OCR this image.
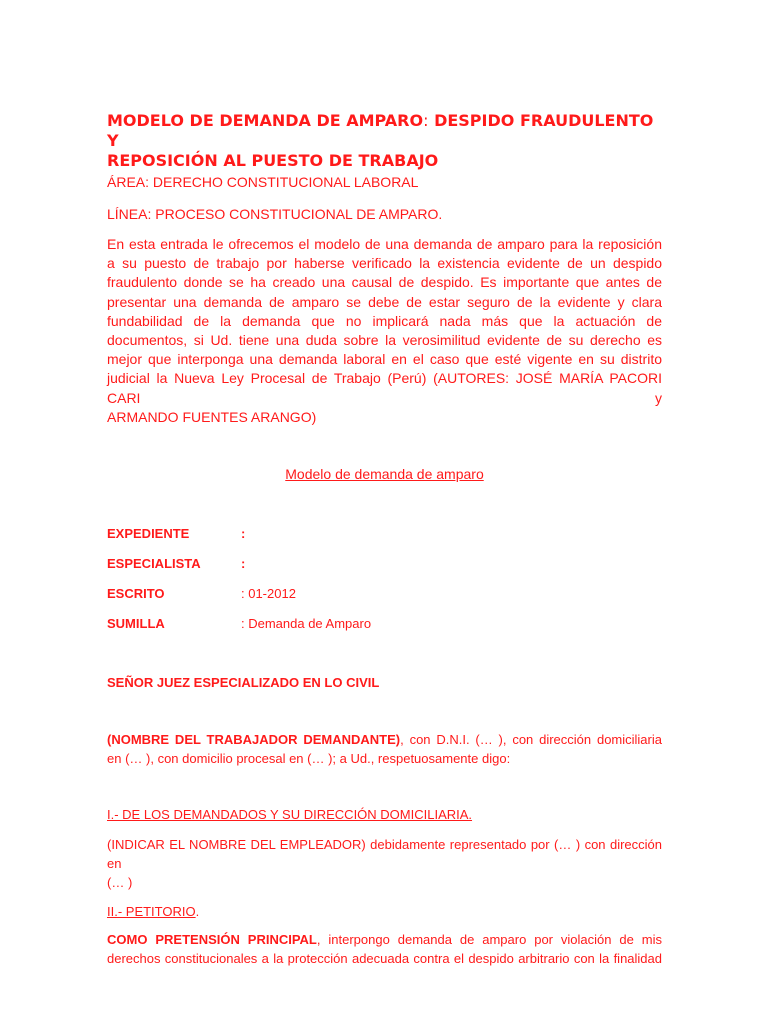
MODELO DE DEMANDA DE AMPARO: DESPIDO FRAUDULENTO Y
REPOSICIÓN AL PUESTO DE TRABAJO

ÁREA: DERECHO CONSTITUCIONAL LABORAL

LÍNEA: PROCESO CONSTITUCIONAL DE AMPARO.

En esta entrada le ofrecemos el modelo de una demanda de amparo para la reposición
a su puesto de trabajo por haberse verificado la existencia evidente de un despido
fraudulento donde se ha creado una causal de despido. Es importante que antes de
presentar una demanda de amparo se debe de estar seguro de la evidente y clara
fundabilidad de la demanda que no implicará nada más que la actuación de
documentos, si Ud. tiene una duda sobre la verosimilitud evidente de su derecho es
mejor que interponga una demanda laboral en el caso que esté vigente en su distrito
judicial la Nueva Ley Procesal de Trabajo (Perú) (AUTORES: JOSÉ MARÍA PACORI CARI y
ARMANDO FUENTES ARANGO)

Modelo de demanda de amparo

EXPEDIENTE	:
ESPECIALISTA	:
ESCRITO	: 01-2012
SUMILLA	: Demanda de Amparo

SEÑOR JUEZ ESPECIALIZADO EN LO CIVIL

(NOMBRE DEL TRABAJADOR DEMANDANTE), con D.N.I. (… ), con dirección domiciliaria
en (… ), con domicilio procesal en (… ); a Ud., respetuosamente digo:

I.- DE LOS DEMANDADOS Y SU DIRECCIÓN DOMICILIARIA.

(INDICAR EL NOMBRE DEL EMPLEADOR) debidamente representado por (… ) con dirección en
(… )

II.- PETITORIO.

COMO PRETENSIÓN PRINCIPAL, interpongo demanda de amparo por violación de mis
derechos constitucionales a la protección adecuada contra el despido arbitrario con la finalidad
